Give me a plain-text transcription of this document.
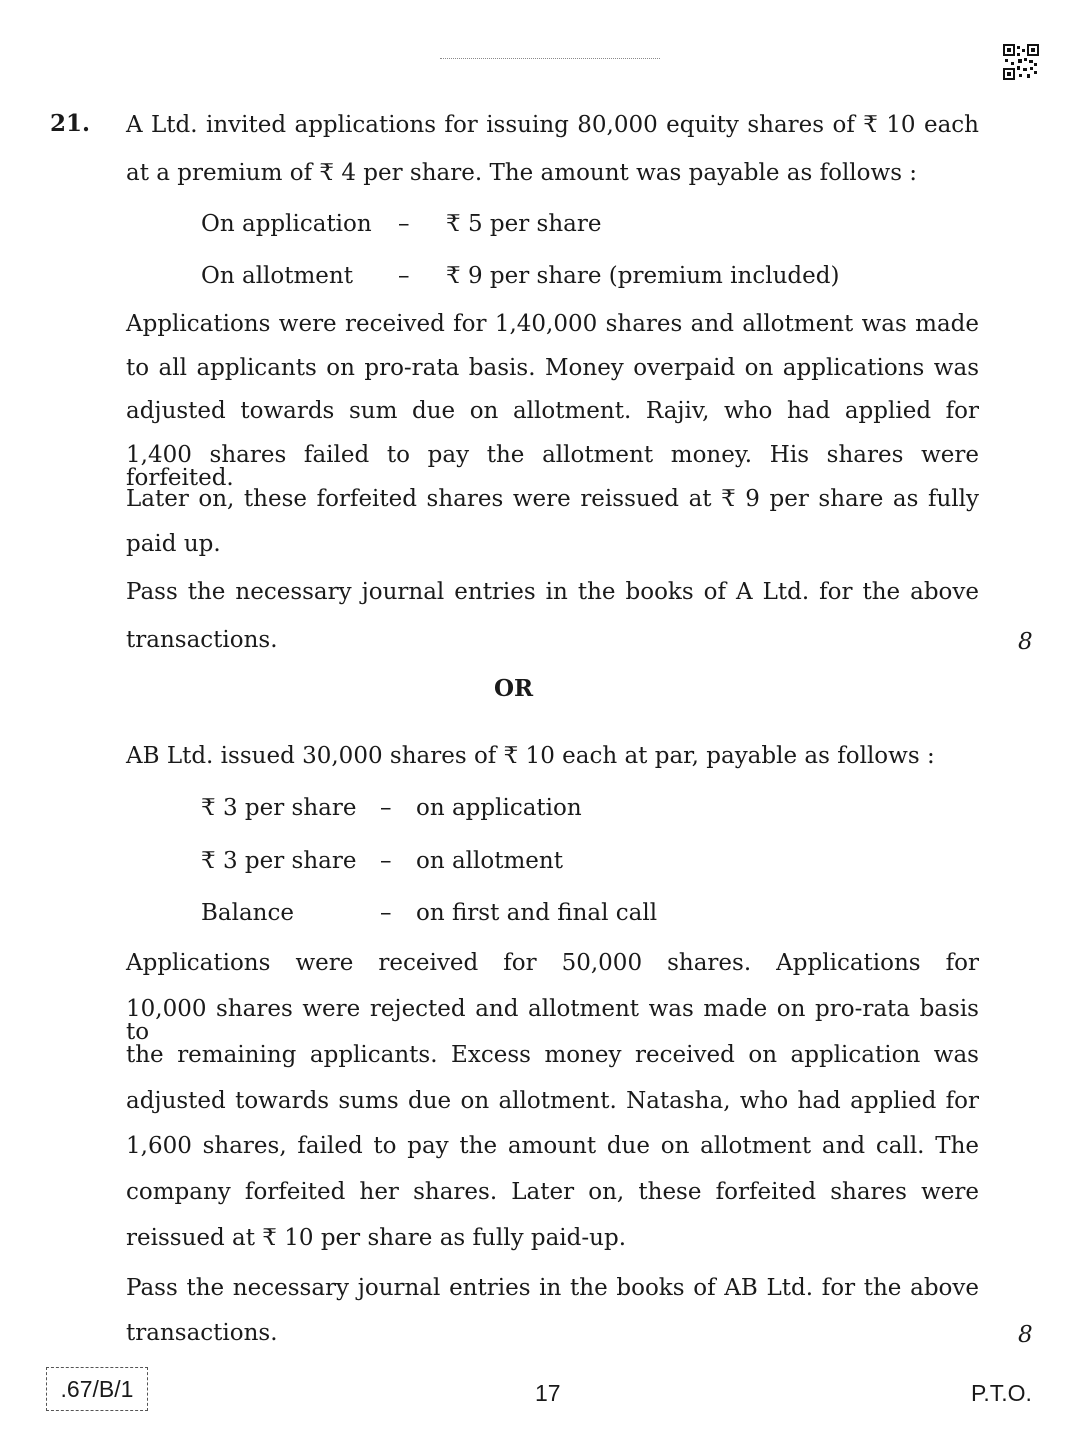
21. A Ltd. invited applications for issuing 80,000 equity shares of ₹ 10 each
at a premium of ₹ 4 per share. The amount was payable as follows :
On application – ₹ 5 per share
On allotment – ₹ 9 per share (premium included)
Applications were received for 1,40,000 shares and allotment was made
to all applicants on pro-rata basis. Money overpaid on applications was
adjusted towards sum due on allotment. Rajiv, who had applied for
1,400 shares failed to pay the allotment money. His shares were forfeited.
Later on, these forfeited shares were reissued at ₹ 9 per share as fully
paid up.
Pass the necessary journal entries in the books of A Ltd. for the above
transactions.	8
OR
AB Ltd. issued 30,000 shares of ₹ 10 each at par, payable as follows :
₹ 3 per share – on application
₹ 3 per share – on allotment
Balance	– on first and final call
Applications were received for 50,000 shares. Applications for
10,000 shares were rejected and allotment was made on pro-rata basis to
the remaining applicants. Excess money received on application was
adjusted towards sums due on allotment. Natasha, who had applied for
1,600 shares, failed to pay the amount due on allotment and call. The
company forfeited her shares. Later on, these forfeited shares were
reissued at ₹ 10 per share as fully paid-up.
Pass the necessary journal entries in the books of AB Ltd. for the above
transactions.	8
.67/B/1	17	P.T.O.
